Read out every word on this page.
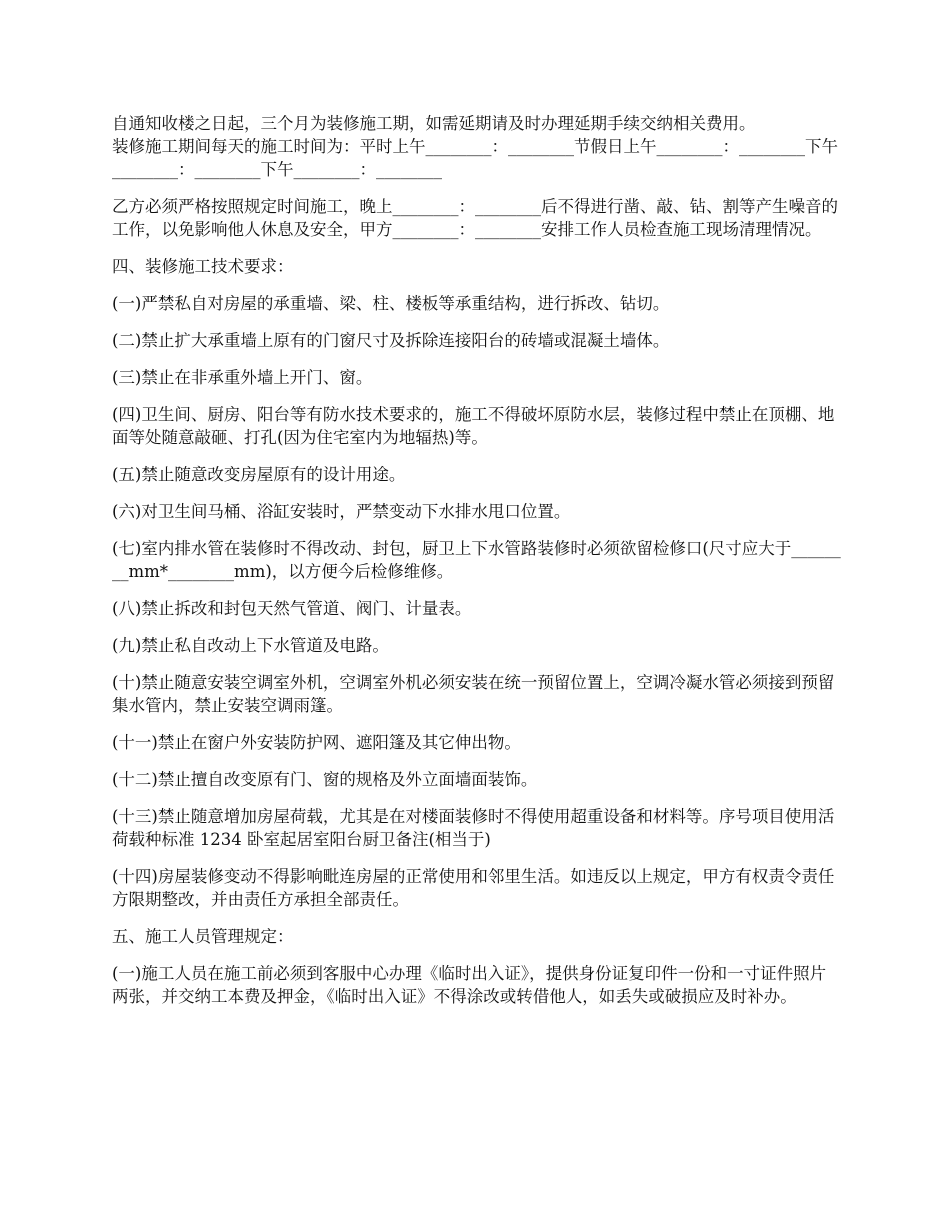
自通知收楼之日起，三个月为装修施工期，如需延期请及时办理延期手续交纳相关费用。

装修施工期间每天的施工时间为：平时上午________：________节假日上午________：________下午________：________下午________：________

乙方必须严格按照规定时间施工，晚上________：________后不得进行凿、敲、钻、割等产生噪音的工作，以免影响他人休息及安全，甲方________：________安排工作人员检查施工现场清理情况。

四、装修施工技术要求：

(一)严禁私自对房屋的承重墙、梁、柱、楼板等承重结构，进行拆改、钻切。

(二)禁止扩大承重墙上原有的门窗尺寸及拆除连接阳台的砖墙或混凝土墙体。

(三)禁止在非承重外墙上开门、窗。

(四)卫生间、厨房、阳台等有防水技术要求的，施工不得破坏原防水层，装修过程中禁止在顶棚、地面等处随意敲砸、打孔(因为住宅室内为地辐热)等。

(五)禁止随意改变房屋原有的设计用途。

(六)对卫生间马桶、浴缸安装时，严禁变动下水排水甩口位置。

(七)室内排水管在装修时不得改动、封包，厨卫上下水管路装修时必须欲留检修口(尺寸应大于________mm*________mm)，以方便今后检修维修。

(八)禁止拆改和封包天然气管道、阀门、计量表。

(九)禁止私自改动上下水管道及电路。

(十)禁止随意安装空调室外机，空调室外机必须安装在统一预留位置上，空调冷凝水管必须接到预留集水管内，禁止安装空调雨篷。

(十一)禁止在窗户外安装防护网、遮阳篷及其它伸出物。

(十二)禁止擅自改变原有门、窗的规格及外立面墙面装饰。

(十三)禁止随意增加房屋荷载，尤其是在对楼面装修时不得使用超重设备和材料等。序号项目使用活荷载种标准 1234 卧室起居室阳台厨卫备注(相当于)

(十四)房屋装修变动不得影响毗连房屋的正常使用和邻里生活。如违反以上规定，甲方有权责令责任方限期整改，并由责任方承担全部责任。

五、施工人员管理规定：

(一)施工人员在施工前必须到客服中心办理《临时出入证》，提供身份证复印件一份和一寸证件照片两张，并交纳工本费及押金，《临时出入证》不得涂改或转借他人，如丢失或破损应及时补办。
